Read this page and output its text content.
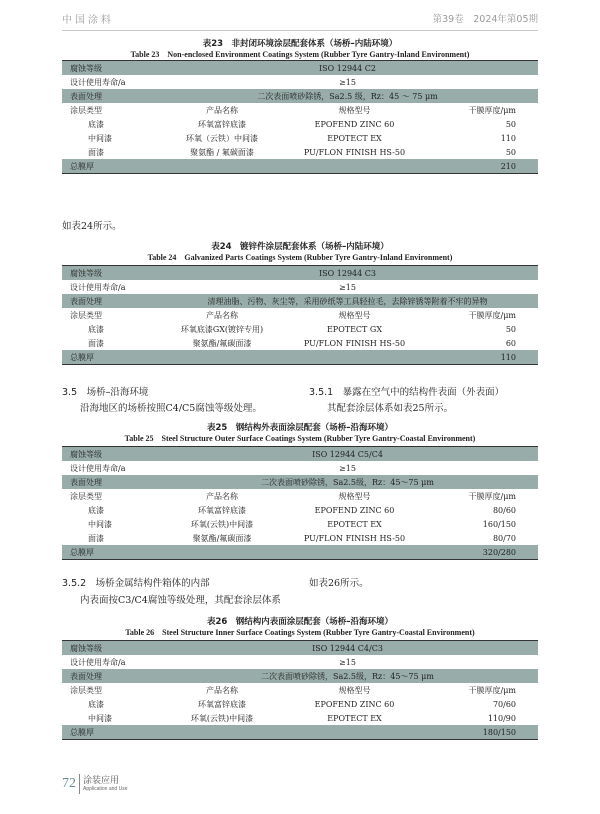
中国涂料	第39卷　2024年第05期
表23　非封闭环境涂层配套体系（场桥–内陆环境）
Table 23　Non-enclosed Environment Coatings System (Rubber Tyre Gantry-Inland Environment)
腐蚀等级	ISO 12944 C2		
设计使用寿命/a	≥15		
表面处理	二次表面喷砂除锈，Sa2.5 级，Rz：45 ～ 75 μm		
涂层类型	产品名称	规格型号	干膜厚度/μm
底漆	环氧富锌底漆	EPOFEND ZINC 60	50
中间漆	环氧（云铁）中间漆	EPOTECT EX	110
面漆	聚氨酯 / 氟碳面漆	PU/FLON FINISH HS-50	50
总膜厚			210
如表24所示。
表24　镀锌件涂层配套体系（场桥–内陆环境）
Table 24　Galvanized Parts Coatings System (Rubber Tyre Gantry-Inland Environment)
腐蚀等级	ISO 12944 C3		
设计使用寿命/a	≥15		
表面处理	清理油脂、污物、灰尘等，采用砂纸等工具轻拉毛，去除锌锈等附着不牢的异物		
涂层类型	产品名称	规格型号	干膜厚度/μm
底漆	环氧底漆GX(镀锌专用)	EPOTECT GX	50
面漆	聚氨酯/氟碳面漆	PU/FLON FINISH HS-50	60
总膜厚			110
3.5　场桥–沿海环境
沿海地区的场桥按照C4/C5腐蚀等级处理。
3.5.1　暴露在空气中的结构件表面（外表面）
其配套涂层体系如表25所示。
表25　钢结构外表面涂层配套（场桥–沿海环境）
Table 25　Steel Structure Outer Surface Coatings System (Rubber Tyre Gantry-Coastal Environment)
腐蚀等级	ISO 12944 C5/C4		
设计使用寿命/a	≥15		
表面处理	二次表面喷砂除锈，Sa2.5级，Rz：45～75 μm		
涂层类型	产品名称	规格型号	干膜厚度/μm
底漆	环氧富锌底漆	EPOFEND ZINC 60	80/60
中间漆	环氧(云铁)中间漆	EPOTECT EX	160/150
面漆	聚氨酯/氟碳面漆	PU/FLON FINISH HS-50	80/70
总膜厚			320/280
3.5.2　场桥金属结构件箱体的内部
内表面按C3/C4腐蚀等级处理，其配套涂层体系
如表26所示。
表26　钢结构内表面涂层配套（场桥–沿海环境）
Table 26　Steel Structure Inner Surface Coatings System (Rubber Tyre Gantry-Coastal Environment)
腐蚀等级	ISO 12944 C4/C3		
设计使用寿命/a	≥15		
表面处理	二次表面喷砂除锈，Sa2.5级，Rz：45～75 μm		
涂层类型	产品名称	规格型号	干膜厚度/μm
底漆	环氧富锌底漆	EPOFEND ZINC 60	70/60
中间漆	环氧(云铁)中间漆	EPOTECT EX	110/90
总膜厚			180/150
72 涂装应用
Application and Use
